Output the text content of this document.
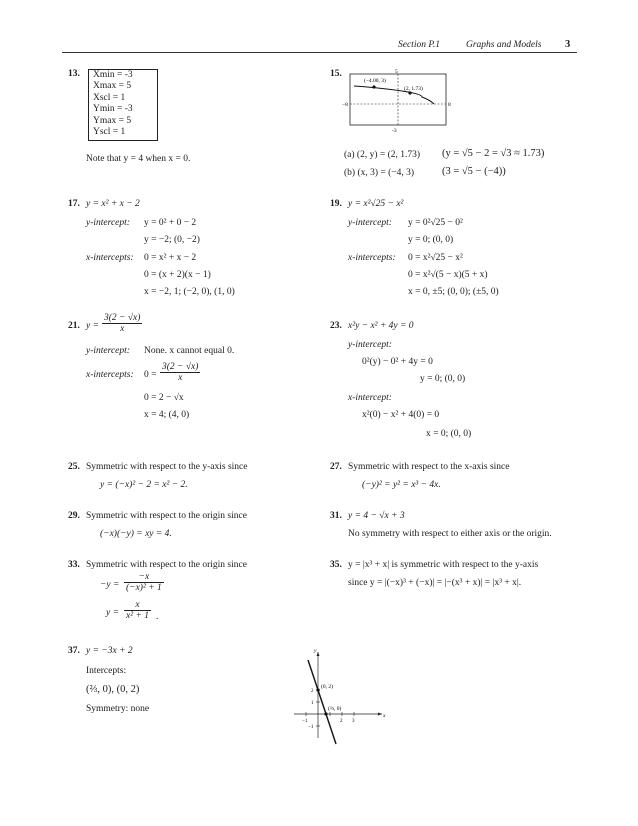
Section P.1	Graphs and Models 3
13.	Xmin = -3
Xmax = 5
Xscl = 1
Ymin = -3
Ymax = 5
Yscl = 1
Note that y = 4 when x = 0.
15.	5
-3
−8	8
(−4.00, 3)
(2, 1.73)
(a) (2, y) = (2, 1.73) (y = √5 − 2 = √3 ≈ 1.73)
(b) (x, 3) = (−4, 3)	(3 = √5 − (−4))
17. y = x² + x − 2
y-intercept: y = 0² + 0 − 2
y = −2; (0, −2)
x-intercepts: 0 = x² + x − 2
0 = (x + 2)(x − 1)
x = −2, 1; (−2, 0), (1, 0)
19. y = x²√25 − x²
y-intercept: y = 0²√25 − 0²
y = 0; (0, 0)
x-intercepts: 0 = x²√25 − x²
0 = x²√(5 − x)(5 + x)
x = 0, ±5; (0, 0); (±5, 0)
21. $y = \frac{3(2 - √x)}{x}$
y-intercept: None. x cannot equal 0.
x-intercepts: $0 = \frac{3(2 - √x)}{x}$
0 = 2 − √x
x = 4; (4, 0)
23. x²y − x² + 4y = 0
y-intercept:
0²(y) − 0² + 4y = 0
y = 0; (0, 0)
x-intercept:
x²(0) − x² + 4(0) = 0
x = 0; (0, 0)
25. Symmetric with respect to the y-axis since
y = (−x)² − 2 = x² − 2.
27. Symmetric with respect to the x-axis since
(−y)² = y² = x³ − 4x.
29. Symmetric with respect to the origin since
(−x)(−y) = xy = 4.
31. y = 4 − √x + 3
No symmetry with respect to either axis or the origin.
33. Symmetric with respect to the origin since
$-y = \frac{-x}{\text{(−x)² + 1}}$
$y = \frac{x}{\text{x² + 1}}$ .
35. y = |x³ + x| is symmetric with respect to the y-axis
since y = |(−x)³ + (−x)| = |−(x³ + x)| = |x³ + x|.
37. y = −3x + 2
Intercepts:
(⅔, 0), (0, 2)
Symmetry: none
y
x
(0, 2)
(⅔, 0)
2
1
−1
−1	2 3
